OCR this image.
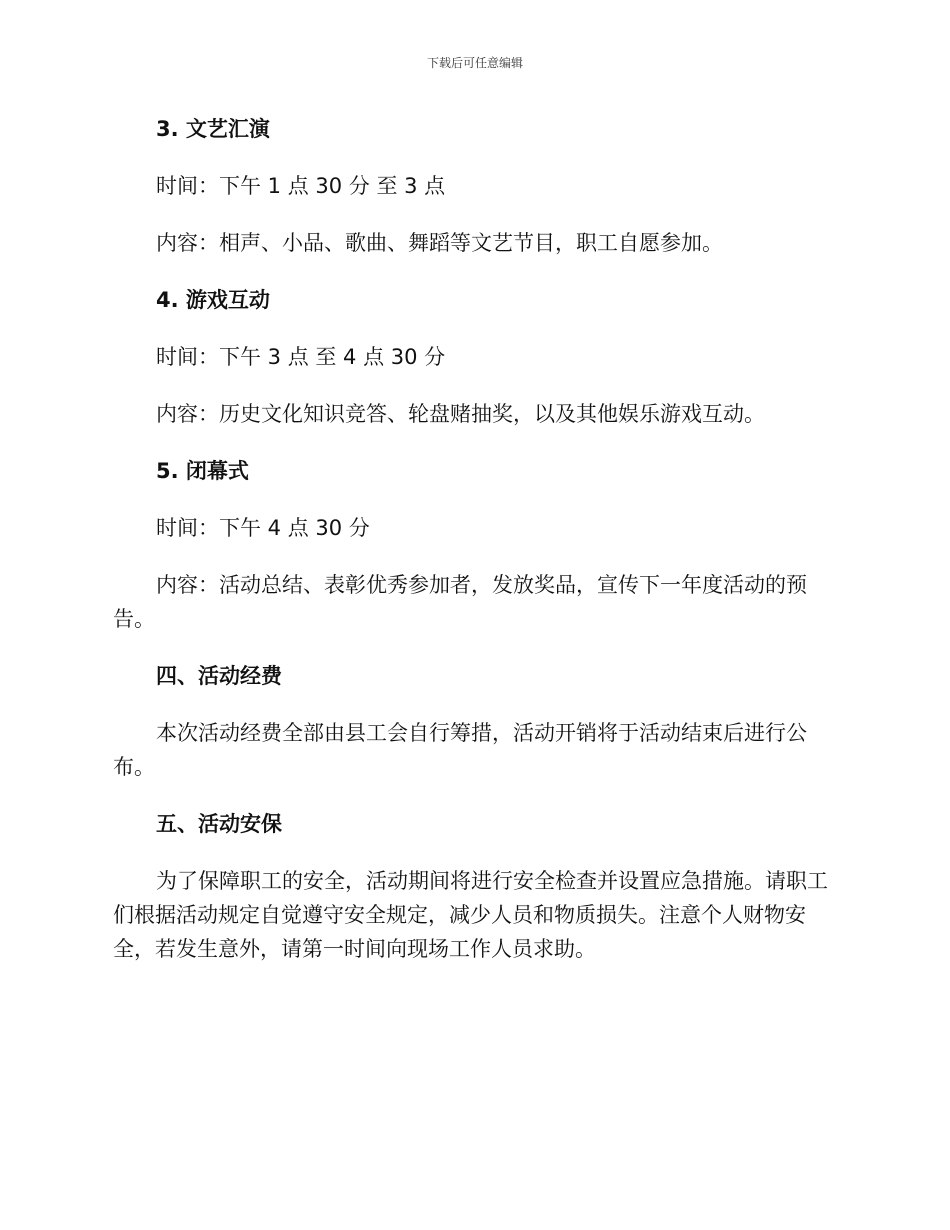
下载后可任意编辑
3. 文艺汇演

时间：下午 1 点 30 分 至 3 点

内容：相声、小品、歌曲、舞蹈等文艺节目，职工自愿参加。

4. 游戏互动

时间：下午 3 点 至 4 点 30 分

内容：历史文化知识竞答、轮盘赌抽奖，以及其他娱乐游戏互动。

5. 闭幕式

时间：下午 4 点 30 分

内容：活动总结、表彰优秀参加者，发放奖品，宣传下一年度活动的预告。

四、活动经费

本次活动经费全部由县工会自行筹措，活动开销将于活动结束后进行公布。

五、活动安保

为了保障职工的安全，活动期间将进行安全检查并设置应急措施。请职工们根据活动规定自觉遵守安全规定，减少人员和物质损失。注意个人财物安全，若发生意外，请第一时间向现场工作人员求助。
